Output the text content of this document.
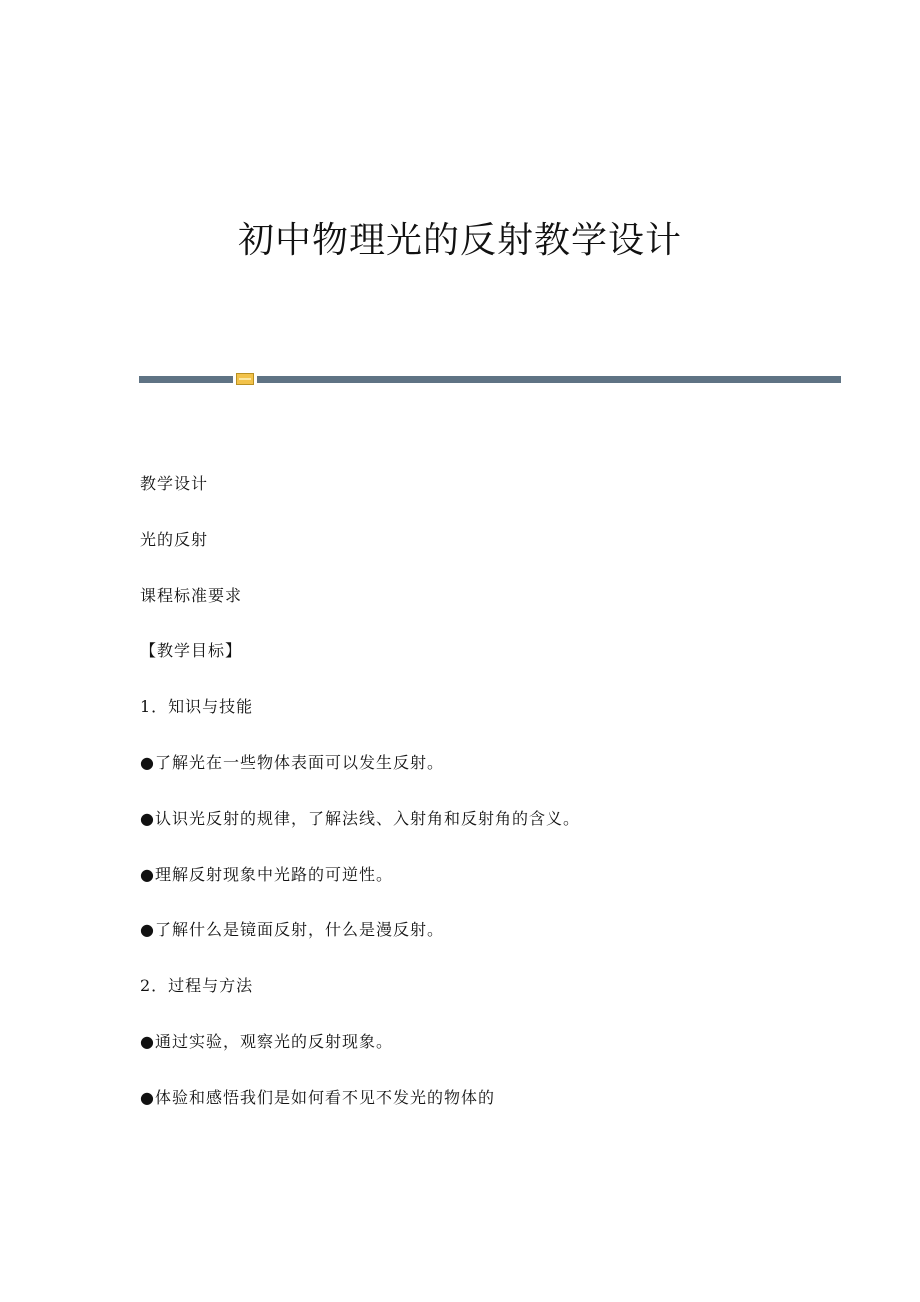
初中物理光的反射教学设计
教学设计
光的反射
课程标准要求
【教学目标】
1．知识与技能
●了解光在一些物体表面可以发生反射。
●认识光反射的规律，了解法线、入射角和反射角的含义。
●理解反射现象中光路的可逆性。
●了解什么是镜面反射，什么是漫反射。
2．过程与方法
●通过实验，观察光的反射现象。
●体验和感悟我们是如何看不见不发光的物体的
